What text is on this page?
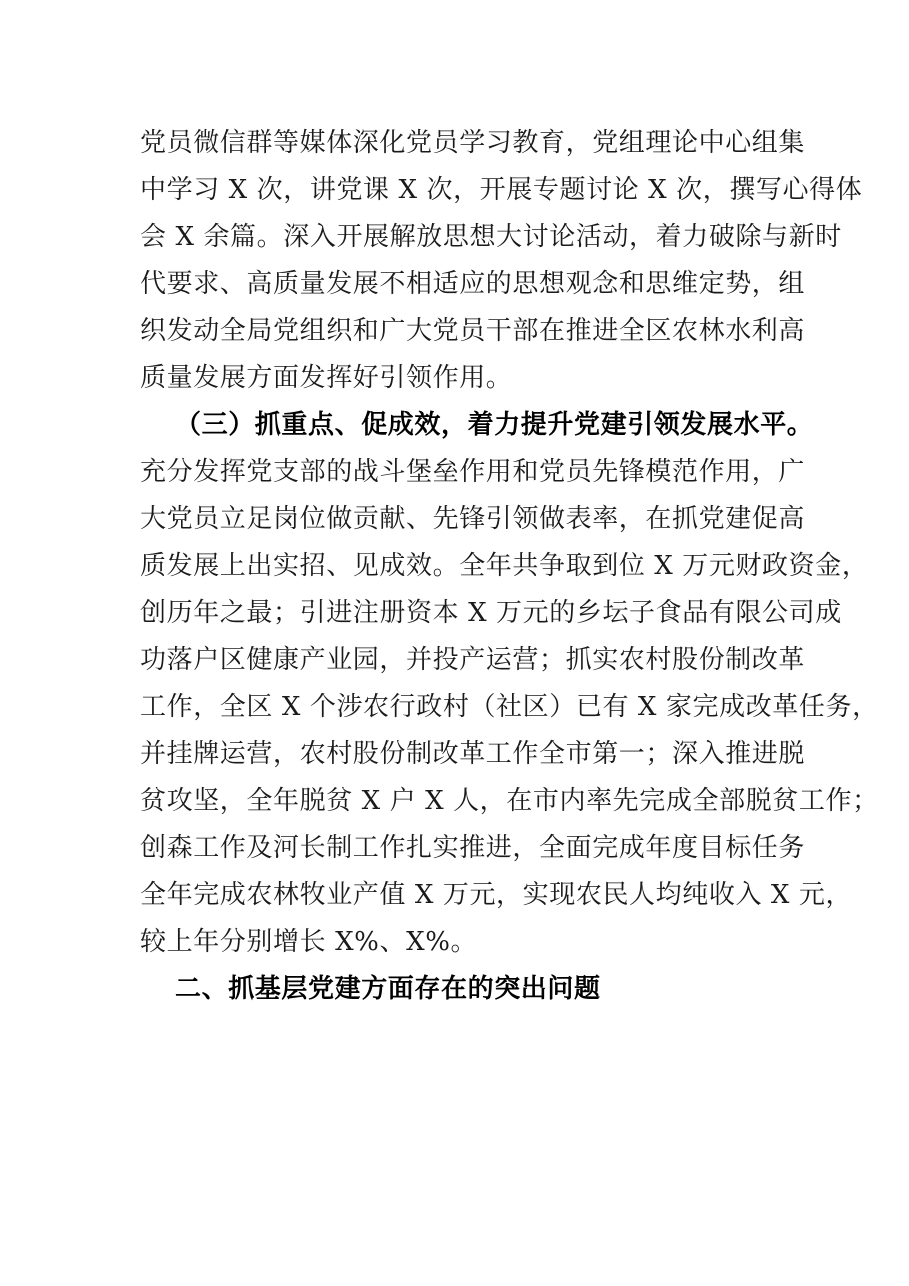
党员微信群等媒体深化党员学习教育，党组理论中心组集
中学习 X 次，讲党课 X 次，开展专题讨论 X 次，撰写心得体
会 X 余篇。深入开展解放思想大讨论活动，着力破除与新时
代要求、高质量发展不相适应的思想观念和思维定势，组
织发动全局党组织和广大党员干部在推进全区农林水利高
质量发展方面发挥好引领作用。
（三）抓重点、促成效，着力提升党建引领发展水平。
充分发挥党支部的战斗堡垒作用和党员先锋模范作用，广
大党员立足岗位做贡献、先锋引领做表率，在抓党建促高
质发展上出实招、见成效。全年共争取到位 X 万元财政资金，
创历年之最；引进注册资本 X 万元的乡坛子食品有限公司成
功落户区健康产业园，并投产运营；抓实农村股份制改革
工作，全区 X 个涉农行政村（社区）已有 X 家完成改革任务，
并挂牌运营，农村股份制改革工作全市第一；深入推进脱
贫攻坚，全年脱贫 X 户 X 人，在市内率先完成全部脱贫工作；
创森工作及河长制工作扎实推进，全面完成年度目标任务
全年完成农林牧业产值 X 万元，实现农民人均纯收入 X 元，
较上年分别增长 X%、X%。
二、抓基层党建方面存在的突出问题
